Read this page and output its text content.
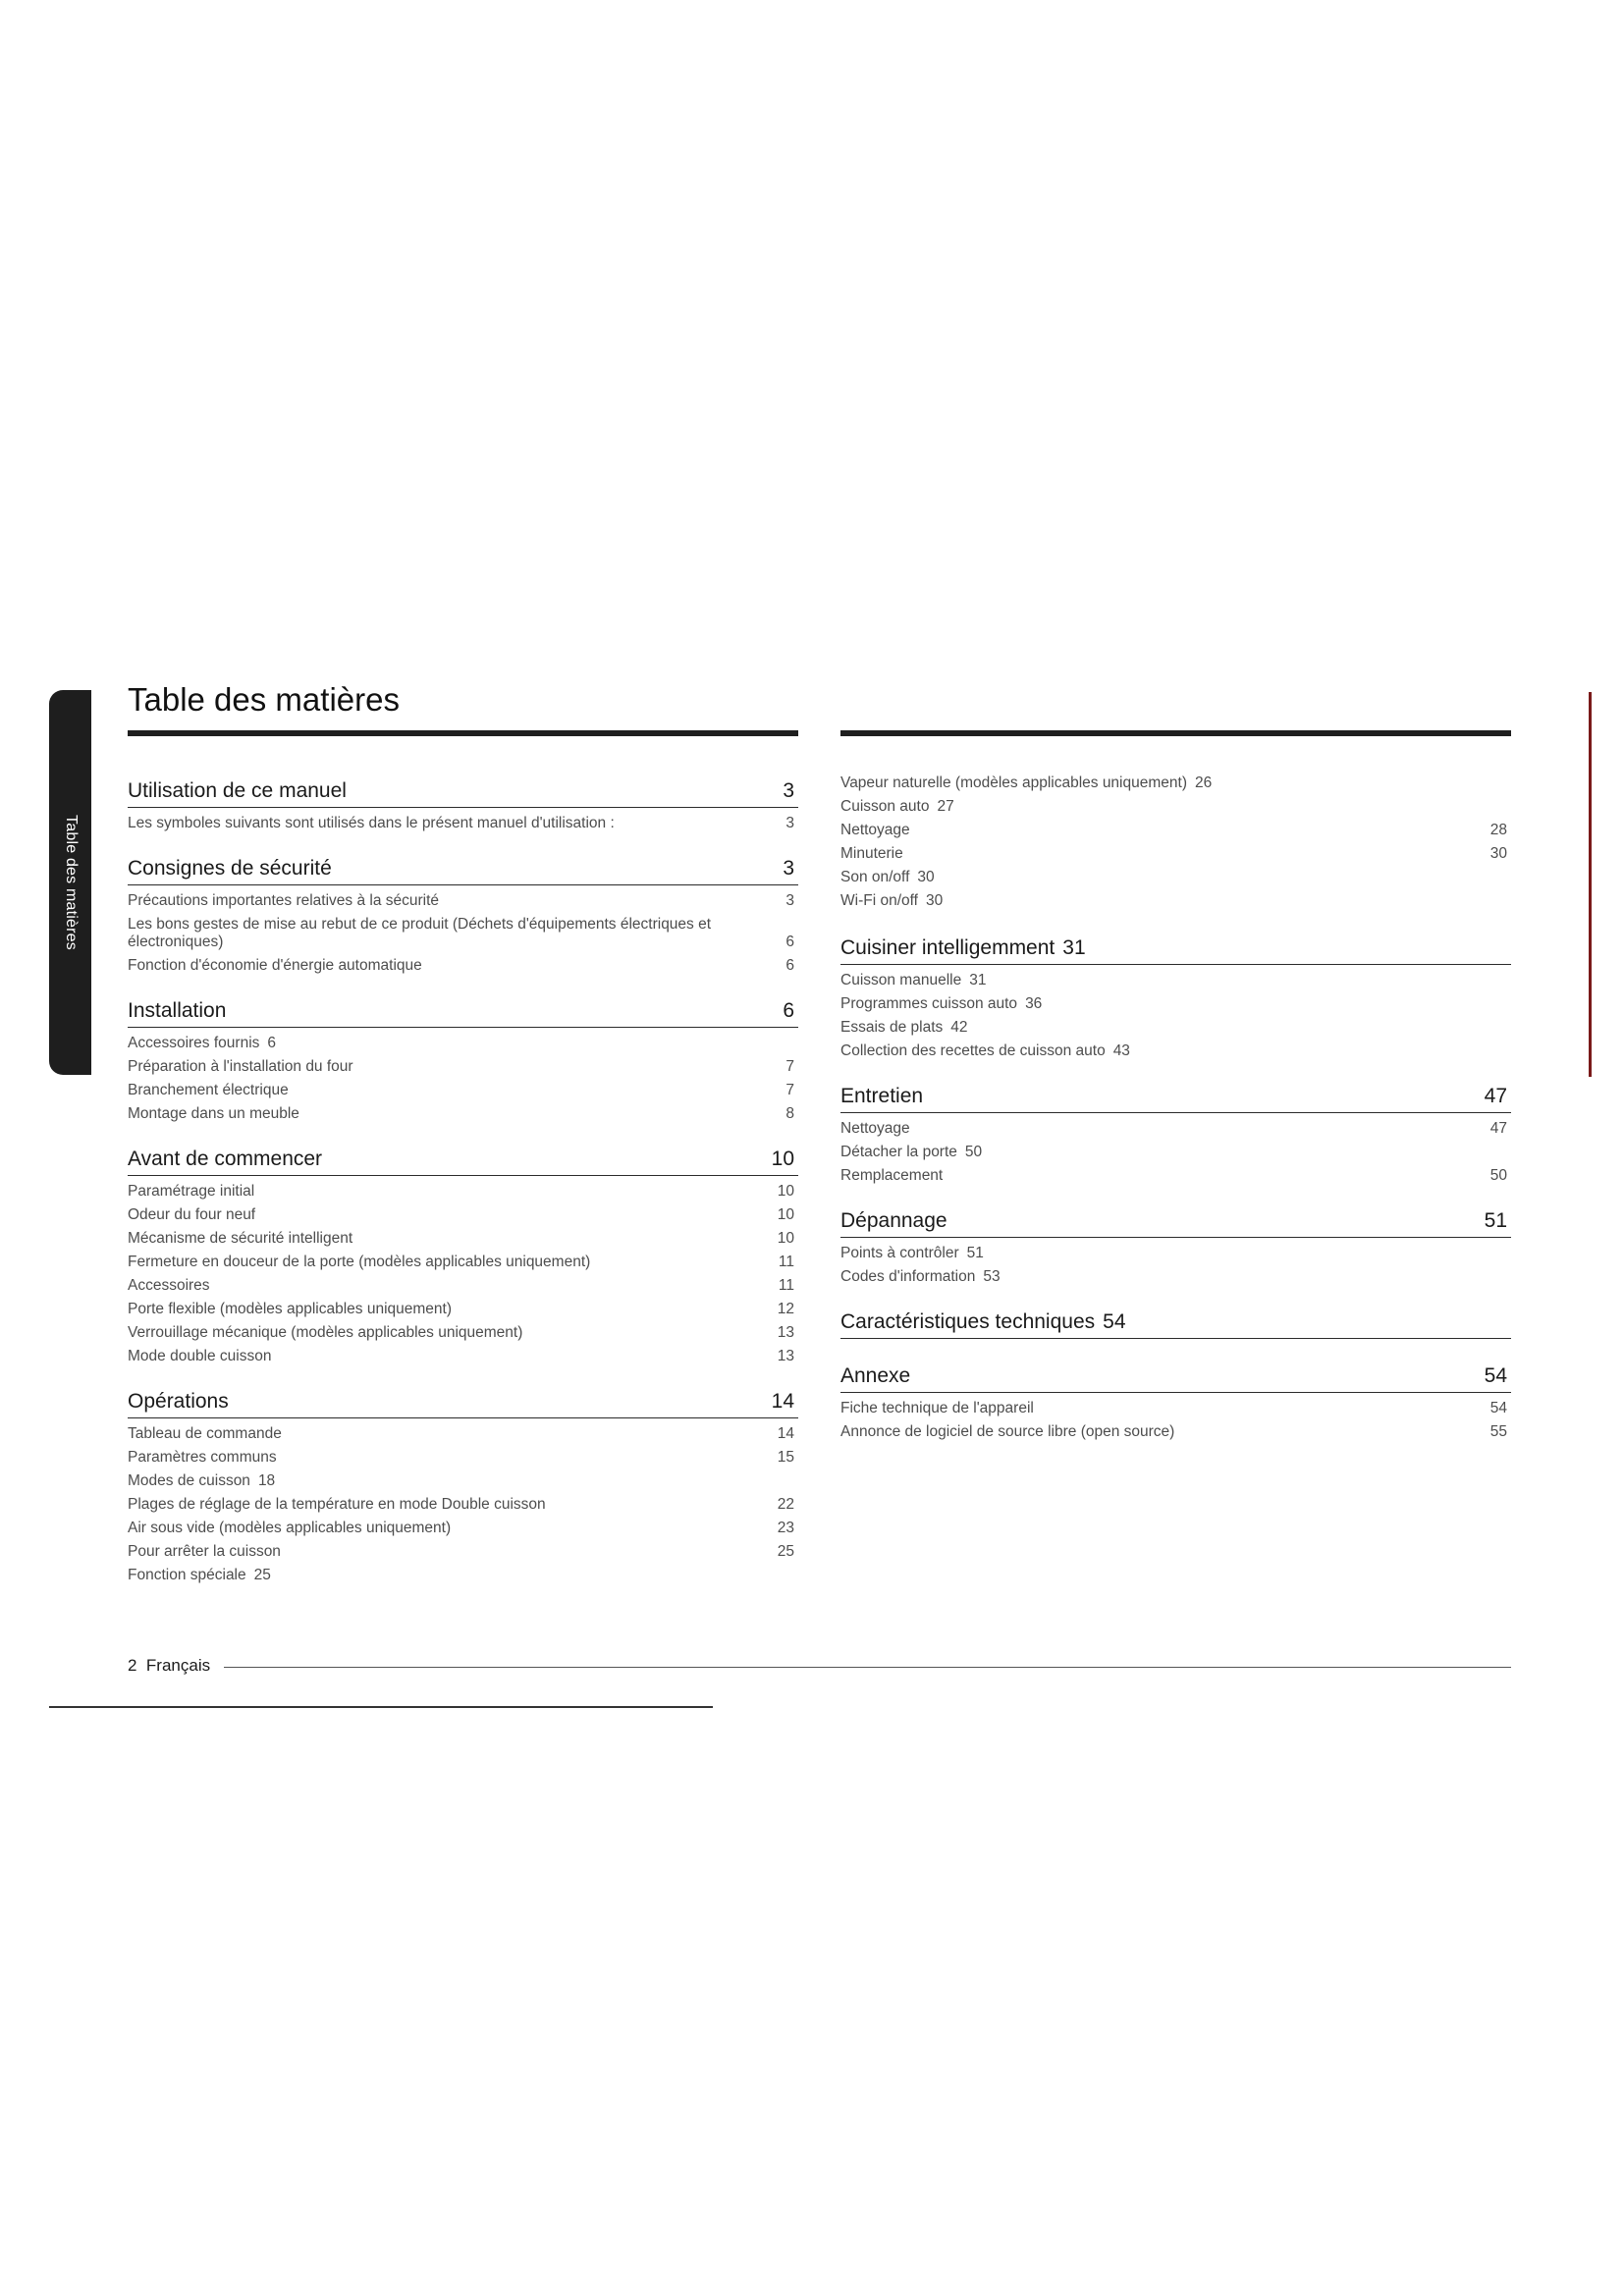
Table des matières
Table des matières
Utilisation de ce manuel	3
Les symboles suivants sont utilisés dans le présent manuel d'utilisation :	3
Consignes de sécurité	3
Précautions importantes relatives à la sécurité	3
Les bons gestes de mise au rebut de ce produit (Déchets d'équipements électriques et électroniques)	6
Fonction d'économie d'énergie automatique	6
Installation	6
Accessoires fournis 6
Préparation à l'installation du four	7
Branchement électrique	7
Montage dans un meuble	8
Avant de commencer	10
Paramétrage initial	10
Odeur du four neuf	10
Mécanisme de sécurité intelligent	10
Fermeture en douceur de la porte (modèles applicables uniquement)	11
Accessoires	11
Porte flexible (modèles applicables uniquement)	12
Verrouillage mécanique (modèles applicables uniquement)	13
Mode double cuisson	13
Opérations	14
Tableau de commande	14
Paramètres communs	15
Modes de cuisson 18
Plages de réglage de la température en mode Double cuisson	22
Air sous vide (modèles applicables uniquement)	23
Pour arrêter la cuisson	25
Fonction spéciale 25
Vapeur naturelle (modèles applicables uniquement) 26
Cuisson auto 27
Nettoyage	28
Minuterie	30
Son on/off 30
Wi-Fi on/off 30
Cuisiner intelligemment 31
Cuisson manuelle 31
Programmes cuisson auto 36
Essais de plats 42
Collection des recettes de cuisson auto 43
Entretien	47
Nettoyage	47
Détacher la porte 50
Remplacement	50
Dépannage	51
Points à contrôler 51
Codes d'information 53
Caractéristiques techniques 54
Annexe	54
Fiche technique de l'appareil	54
Annonce de logiciel de source libre (open source)	55
2 Français
